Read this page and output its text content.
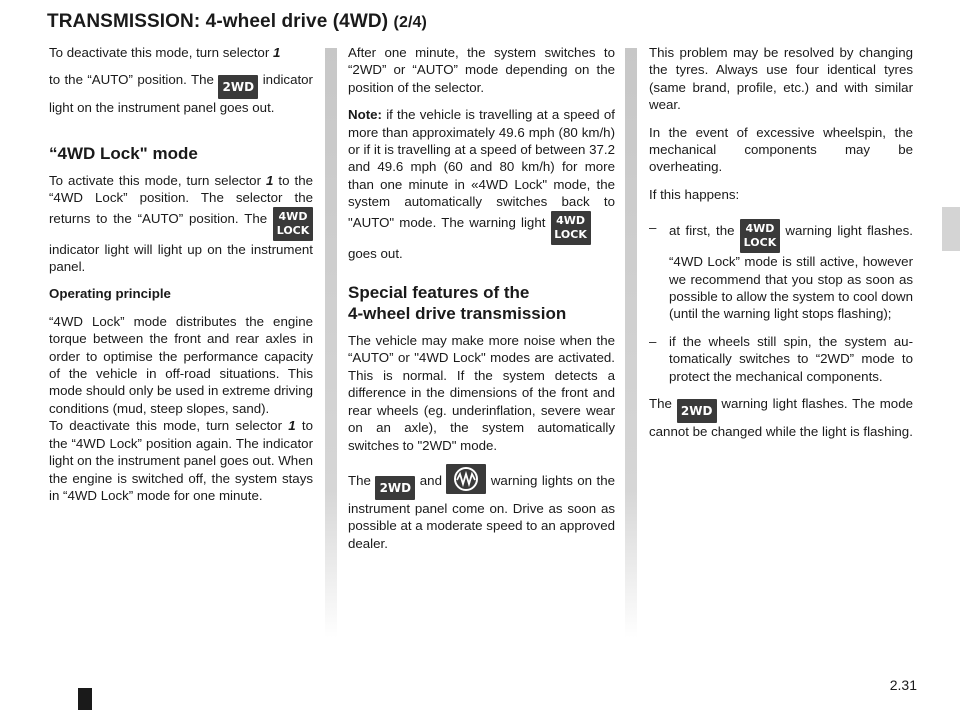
TRANSMISSION: 4-wheel drive (4WD) (2/4)

To deactivate this mode, turn selector 1

to the “AUTO” position. The 2WD indicator light on the instrument panel goes out.

“4WD Lock" mode

To activate this mode, turn selector 1 to the “4WD Lock” position. The selector the returns to the “AUTO” position. The 4WD
LOCK indicator light will light up on the instrument panel.

Operating principle

“4WD Lock” mode distributes the engine torque between the front and rear axles in order to optimise the performance capacity of the vehicle in off-road situations. This mode should only be used in extreme driving conditions (mud, steep slopes, sand).

To deactivate this mode, turn selector 1 to the “4WD Lock” position again. The indicator light on the instrument panel goes out. When the engine is switched off, the system stays in “4WD Lock” mode for one minute.

After one minute, the system switches to “2WD” or “AUTO” mode depending on the position of the selector.

Note: if the vehicle is travelling at a speed of more than approximately 49.6 mph (80 km/h) or if it is travelling at a speed of between 37.2 and 49.6 mph (60 and 80 km/h) for more than one minute in «4WD Lock" mode, the system automatically switches back to "AUTO" mode. The warning light 4WD
LOCK      goes out.

Special features of the
4-wheel drive transmission

The vehicle may make more noise when the “AUTO” or "4WD Lock" modes are activated. This is normal. If the system detects a difference in the dimensions of the front and rear wheels (eg. underinflation, severe wear on an axle), the system automatically switches to "2WD" mode.

The 2WD and	warning lights on the instrument panel come on. Drive as soon as possible at a moderate speed to an approved dealer.

This problem may be resolved by changing the tyres. Always use four identical tyres (same brand, profile, etc.) and with similar wear.

In the event of excessive wheelspin, the mechanical components may be overheating.

If this happens:

– at first, the 4WD
LOCK warning light flashes. “4WD Lock” mode is still active, however we recommend that you stop as soon as possible to allow the system to cool down (until the warning light stops flashing);
– if the wheels still spin, the system automatically switches to “2WD” mode to protect the mechanical components.

The 2WD warning light flashes. The mode cannot be changed while the light is flashing.

2.31
